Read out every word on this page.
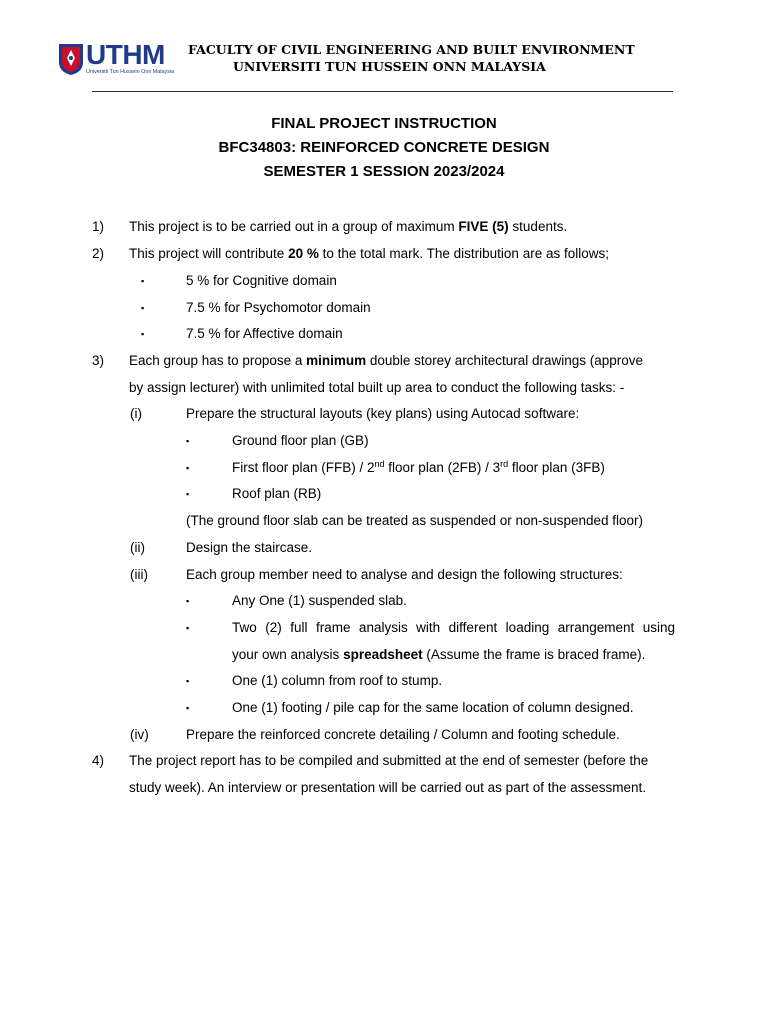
UTHM
Universiti Tun Hussein Onn Malaysia
FACULTY OF CIVIL ENGINEERING AND BUILT ENVIRONMENT
UNIVERSITI TUN HUSSEIN ONN MALAYSIA
FINAL PROJECT INSTRUCTION
BFC34803: REINFORCED CONCRETE DESIGN
SEMESTER 1 SESSION 2023/2024
1) This project is to be carried out in a group of maximum FIVE (5) students.
2) This project will contribute 20 % to the total mark. The distribution are as follows;
▪	5 % for Cognitive domain
▪	7.5 % for Psychomotor domain
▪	7.5 % for Affective domain
3) Each group has to propose a minimum double storey architectural drawings (approve
by assign lecturer) with unlimited total built up area to conduct the following tasks: -
(i)	Prepare the structural layouts (key plans) using Autocad software:
▪	Ground floor plan (GB)
▪	First floor plan (FFB) / 2nd floor plan (2FB) / 3rd floor plan (3FB)
▪	Roof plan (RB)
(The ground floor slab can be treated as suspended or non-suspended floor)
(ii)	Design the staircase.
(iii)	Each group member need to analyse and design the following structures:
▪	Any One (1) suspended slab.
▪	Two (2) full frame analysis with different loading arrangement using
your own analysis spreadsheet (Assume the frame is braced frame).
▪	One (1) column from roof to stump.
▪	One (1) footing / pile cap for the same location of column designed.
(iv)	Prepare the reinforced concrete detailing / Column and footing schedule.
4) The project report has to be compiled and submitted at the end of semester (before the
study week). An interview or presentation will be carried out as part of the assessment.
